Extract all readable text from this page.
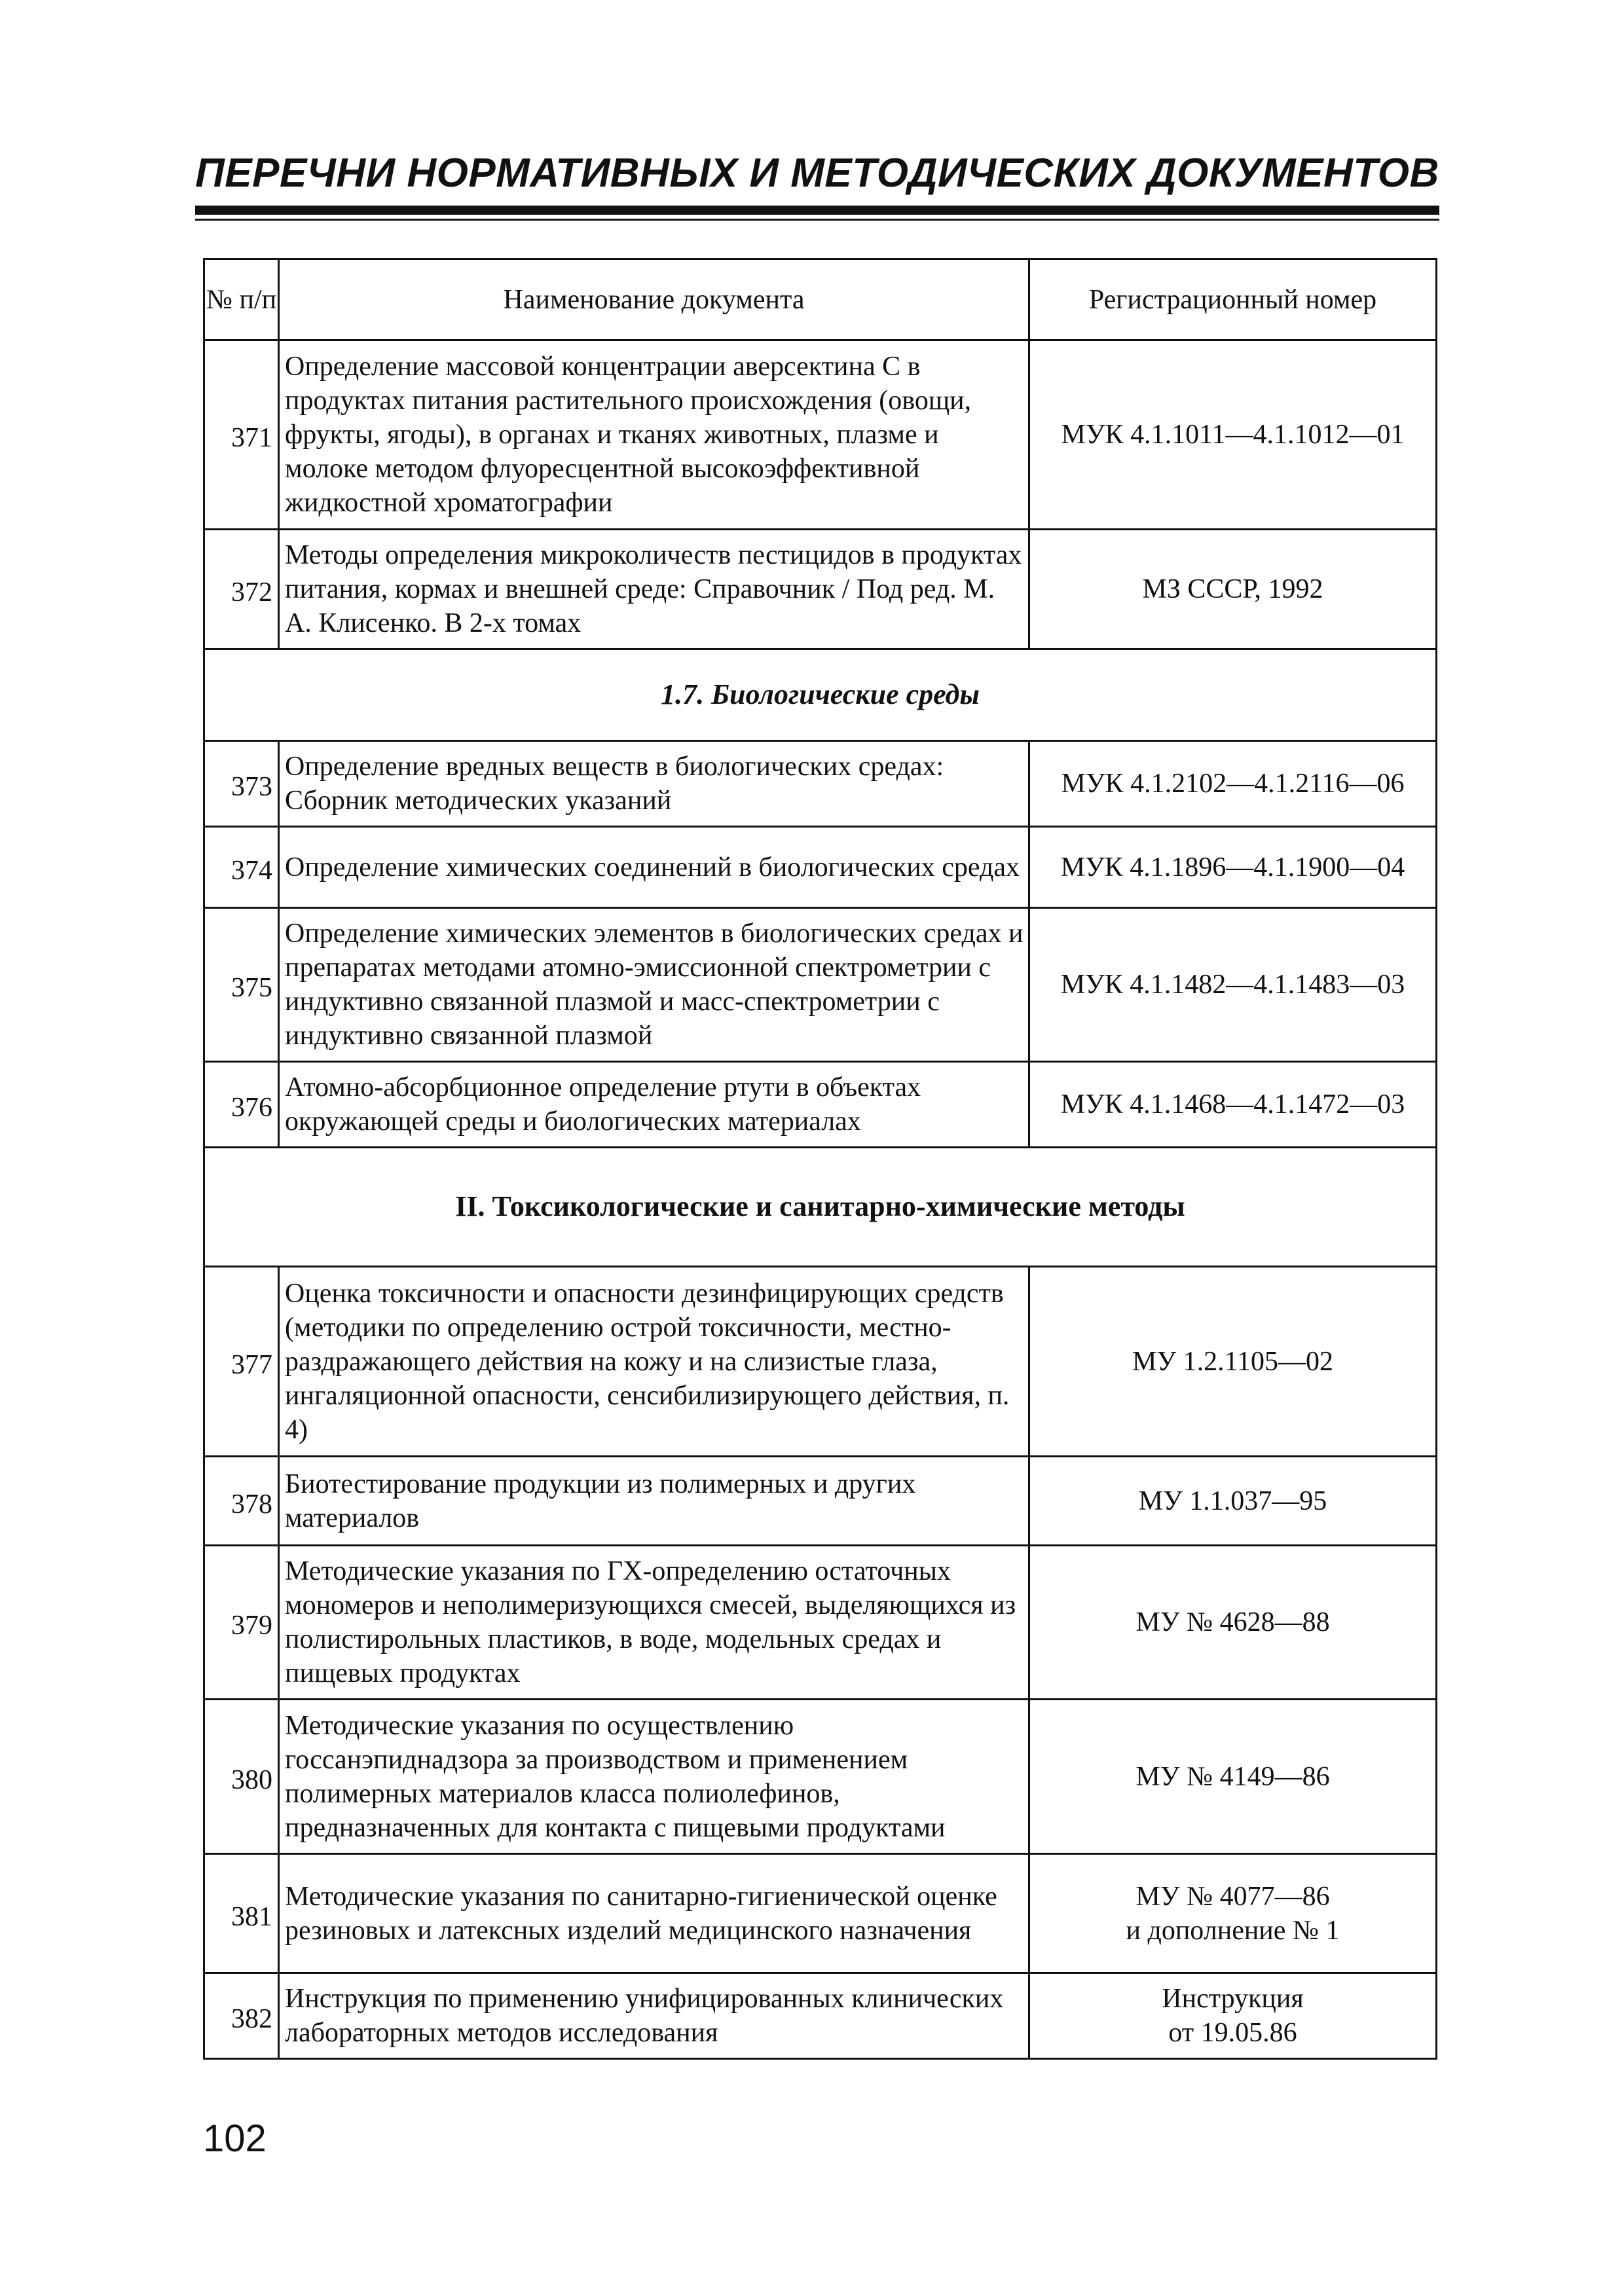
ПЕРЕЧНИ НОРМАТИВНЫХ И МЕТОДИЧЕСКИХ ДОКУМЕНТОВ
№ п/п	Наименование документа	Регистрационный номер
371	Определение массовой концентрации аверсектина С в продуктах питания растительного происхождения (овощи, фрукты, ягоды), в органах и тканях животных, плазме и молоке методом флуоресцентной высокоэффективной жидкостной хроматографии	МУК 4.1.1011—4.1.1012—01
372	Методы определения микроколичеств пестицидов в продуктах питания, кормах и внешней среде: Справочник / Под ред. М. А. Клисенко. В 2-х томах	МЗ СССР, 1992
1.7. Биологические среды		
373	Определение вредных веществ в биологических средах: Сборник методических указаний	МУК 4.1.2102—4.1.2116—06
374	Определение химических соединений в биологических средах	МУК 4.1.1896—4.1.1900—04
375	Определение химических элементов в биологических средах и препаратах методами атомно-эмиссионной спектрометрии с индуктивно связанной плазмой и масс-спектрометрии с индуктивно связанной плазмой	МУК 4.1.1482—4.1.1483—03
376	Атомно-абсорбционное определение ртути в объектах окружающей среды и биологических материалах	МУК 4.1.1468—4.1.1472—03
II. Токсикологические и санитарно-химические методы		
377	Оценка токсичности и опасности дезинфицирующих средств (методики по определению острой токсичности, местно-раздражающего действия на кожу и на слизистые глаза, ингаляционной опасности, сенсибилизирующего действия, п. 4)	МУ 1.2.1105—02
378	Биотестирование продукции из полимерных и других материалов	МУ 1.1.037—95
379	Методические указания по ГХ-определению остаточных мономеров и неполимеризующихся смесей, выделяющихся из полистирольных пластиков, в воде, модельных средах и пищевых продуктах	МУ № 4628—88
380	Методические указания по осуществлению госсанэпиднадзора за производством и применением полимерных материалов класса полиолефинов, предназначенных для контакта с пищевыми продуктами	МУ № 4149—86
381	Методические указания по санитарно-гигиенической оценке резиновых и латексных изделий медицинского назначения	МУ № 4077—86
и дополнение № 1
382	Инструкция по применению унифицированных клинических лабораторных методов исследования	Инструкция
от 19.05.86
102
